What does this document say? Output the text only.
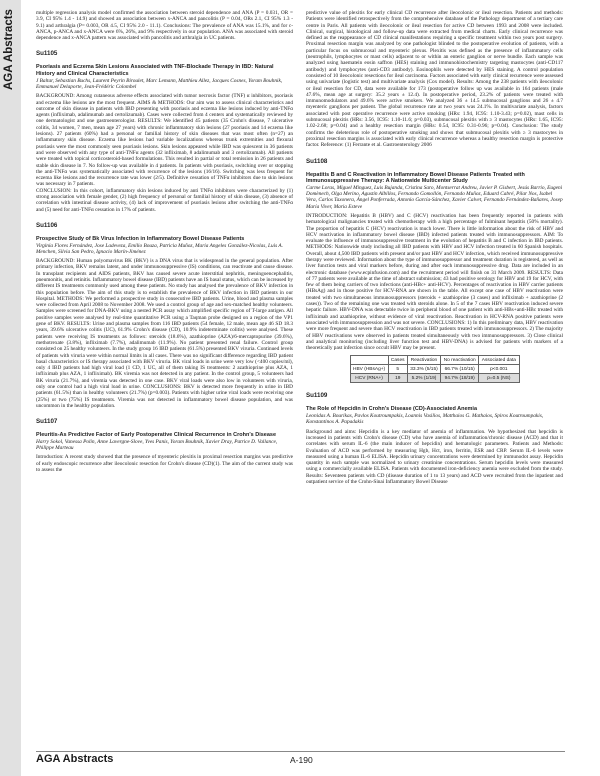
AGA Abstracts	multiple regression analysis model confirmed the association between steroid dependence and ANA (P = 0.031, OR = 3.9, CI 95% 1.4 - 14.9) and showed an association between x-ANCA and pancolitis (P = 0.04, ORs 2.1, CI 95% 1.3 - 9.1) and arthralgia (P= 0.003, OR 4.5, CI 95% 2.0 - 11.1). Conclusions: The prevalence of ANA was 15.1%, and for c-ANCA, p-ANCA and x-ANCA were 6%, 26%, and 9% respectively in our population. ANA was associated with steroid dependence and x-ANCA pattern was associated with pancolitis and arthralgia in UC patients.

Su1105
Psoriasis and Eczema Skin Lesions Associated with TNF-Blockade Therapy in IBD: Natural History and Clinical Characteristics
J Baltar, Sebastian Buchs, Laurent Peyrin Biroulet, Marc Lemann, Matthieu Allez, Jacques Cosnes, Yoram Bouhnik, Emmanuel Delaporte, Jean-Frédéric Colombel

BACKGROUND: Among cutaneous adverse effects associated with tumor necrosis factor (TNF) α inhibitors, psoriasis and eczema like lesions are the most frequent. AIMS & METHODS: Our aim was to assess clinical characteristics and outcome of skin disease in patients with IBD presenting with psoriasis and eczema like lesions induced by anti-TNFα agents (infliximab, adalimumab and certolizumab). Cases were collected from 4 centers and systematically reviewed by one dermatologist and one gastroenterologist. RESULTS: We identified 45 patients (35 Crohn's disease, 7 ulcerative colitis, 34 women, 7 men, mean age 27 years) with chronic inflammatory skin lesions (27 psoriasis and 14 eczema like lesions). 27 patients (60%) had a personal or familial history of skin diseases that was most often (n=27) an inflammatory skin disease. Eczema like lesions had variable localizations whereas trunk extremities and flexural psoriasis were the most commonly seen psoriasis lesions. Skin lesions appeared while IBD was quiescent in 36 patients and were observed with any type of anti-TNFα agents (32 infliximab, 8 adalimumab and 3 certolizumab). All patients were treated with topical corticosteroid-based formulations. This resulted in partial or total remission in 26 patients and stable skin disease in 7. No follow-up was available in 4 patients. In patients with psoriasis, switching over or stopping the anti-TNFα was systematically associated with recurrence of the lesions (16/16). Switching was less frequent for eczema like lesions and the recurrence rate was lower (2/5). Definitive cessation of TNFα inhibitors due to skin lesions was necessary in 7 patients.

CONCLUSION: In this cohort, inflammatory skin lesions induced by anti TNFα inhibitors were characterized by (1) strong association with female gender, (2) high frequency of personal or familial history of skin disease, (3) absence of correlation with intestinal disease activity, (4) lack of improvement of psoriasis lesions after switching the anti-TNFα and (5) need for anti-TNFα cessation in 17% of patients.

Su1106
Prospective Study of Bk Virus Infection in Inflammatory Bowel Disease Patients
Virginia Flores Fernández, Jose Ladeveza, Emilio Bouza, Patricia Muñoz, Maria Angeles González-Nicolas, Luis A. Menchen, Silvia San Pedro, Ignacio Marín-Jiménez

BACKGROUND: Human polyomavirus BK (BKV) is a DNA virus that is widespread in the general population. After primary infection, BKV remains latent, and under immunosuppressive (IS) conditions, can reactivate and cause disease. In transplant recipients and AIDS patients, BKV has caused severe acute interstitial nephritis, meningoencephalitis, pneumonitis, and retinitis. Inflammatory bowel disease (IBD) patients have an IS basal status, which can be increased by different IS treatments commonly used among these patients. No study has analysed the prevalence of BKV infection in this population before. The aim of this study is to establish the prevalence of BKV infection in IBD patients in our Hospital. METHODS: We performed a prospective study in consecutive IBD patients. Urine, blood and plasma samples were collected from April 2008 to November 2008. We used a control group of age and sex-matched healthy volunteers. Samples were screened for DNA-BKV using a nested PCR assay which amplified specific region of T-large antigen. All positive samples were analysed by real-time quantitative PCR using a Taqman probe designed on a region of the VP1 gene of BKV. RESULTS: Urine and plasma samples from 116 IBD patients (54 female, 12 male, mean age 46 SD 18.3 years, 39.6% ulcerative colitis (UC), 61.9% Crohn's disease (CD), 10.9% indeterminate colitis) were analysed. These patients were receiving IS treatments as follows: steroids (18.6%), azathioprine (AZA)/6-mercaptopurine (39.6%), methotrexate (3.8%), infliximab (7.7%), adalimumab (11.9%). No patient presented renal failure. Control group consisted on 25 healthy volunteers. In the study group 16 IBD patients (61.5%) presented BKV viruria. Continued levels of patients with viruria were within normal limits in all cases. There was no significant difference regarding IBD patient basal characteristics or IS therapy associated with BKV viruria. BK viral loads in urine were very low (<400 copies/ml), only 4 IBD patients had high viral load (1 CD, 1 UC, all of them taking IS treatments: 2 azathioprine plus AZA, 1 infliximab plus AZA, 1 infliximab). BK viremia was not detected in any patient. In the control group, 5 volunteers had BK viruria (21.7%), and viremia was detected in one case. BKV viral loads were also low in volunteers with viruria, only one control had a high viral load in urine. CONCLUSIONS: BKV is detected more frequently in urine in IBD patients (61.5%) than in healthy volunteers (21.7%) (p=0.003). Patients with higher urine viral loads were receiving one (25%) or two (75%) IS treatments. Viremia was not detected in inflammatory bowel disease population, and was uncommon in the healthy population.

Su1107
Pleuritis-As Predictive Factor of Early Postoperative Clinical Recurrence in Crohn's Disease
Harry Sokol, Vanessa Polin, Anne Lavergne-Slove, Yves Panis, Yoram Bouhnik, Xavier Dray, Patrice D. Vallance, Philippe Marteau

Introduction: A recent study showed that the presence of myenteric plexitis in proximal resection margins was predictive of early endoscopic recurrence after ileocolonic resection for Crohn's disease (CD)(1). The aim of the current study was to assess the

predictive value of plexitis for early clinical CD recurrence after ileocolonic or ileal resection. Patients and methods: Patients were identified retrospectively from the comprehensive database of the Pathology department of a tertiary care centre in Paris. All patients with ileocolonic or ileal resection for active CD between 1993 and 2008 were included. Clinical, surgical, histological and follow-up data were extracted from medical charts. Early clinical recurrence was defined as the reappearance of CD clinical manifestations requiring a specific treatment within two years post surgery. Proximal resection margin was analyzed by one pathologist blinded to the postoperative evolution of patients, with a particular focus on submucosal and myenteric plexus. Plexitis was defined as the presence of inflammatory cells (neutrophils, lymphocytes or mast cells) adjacent to or within an enteric ganglion or nerve bundle. Each sample was analyzed using haematein eosin saffron (HES) staining and immunohistochemistry targeting mastocytes (anti-CD117 antibody) and lymphocytes (anti-CD3 antibody). Eosinophils were detected by HES staining. A control population consisted of 10 ileocolonic resections for ileal carcinoma. Factors associated with early clinical recurrence were assessed using univariate (logistic test) and multivariate analysis (Cox model). Results: Among the 238 patients with ileocolonic or ileal resection for CD, data were available for 173 (postoperative follow up was available in 164 patients (male 47.6%, mean age at surgery: 35.2 years ± 12.4). In postoperative period, 23.2% of patients were treated with immunomodulators and 49.6% were active smokers. We analyzed 36 ± 14.5 submucosal ganglions and 26 ± 4.7 myenteric ganglions per patient. The global recurrence rate at two years was 24.1%. In multivariate analysis, factors associated with post operative recurrence were active smoking (HRs: 1.94, IC95: 1.10-3.43; p=0.02), mast cells in submucosal plexitis (HRs: 3.56, IC95: 1.10-11.6; p=0.03), submucosal plexitis with ≥ 3 mastocytes (HRs: 1.65, IC95: 1.02-2.68; p=0.04) and a healthy resection margin (HRs: 0.54, IC95: 0.31-0.96; p=0.04). Conclusion: The study confirms the deleterious role of postoperative smoking and shows that submucosal plexitis with ≥ 3 mastocytes in proximal resection margins is associated with early clinical recurrence whereas a healthy resection margin is protective factor. Reference: (1) Ferrante et al. Gastroenterology 2006

Su1108
Hepatitis B and C Reactivation in Inflammatory Bowel Disease Patients Treated with Immunosuppressive Therapy: A Nationwide Multicenter Study
Carme Loras, Miguel Minguez, Luis Bujanda, Cristina Saro, Montserrat Andreu, Javier P. Gisbert, Jesús Barrio, Eugeni Domènech, Olga Merino, Agustín Albillos, Fernando Gomollón, Fernando Muñoz, Eduard Cabré, Pilar Nos, Isabel Vera, Carlos Taxonera, Ángel Ponferrada, Antonio García-Sánchez, Xavier Calvet, Fernando Fernández-Bañares, Josep María Viver, Maria Esteve

INTRODUCTION: Hepatitis B (HBV) and C (HCV) reactivation has been frequently reported in patients with hematological malignancies treated with chemotherapy with a high percentage of fulminant hepatitis (50% mortality). The proportion of hepatitis C (HCV) reactivation is much lower. There is little information about the risk of HBV and HCV reactivation in inflammatory bowel disease (IBD) infected patients treated with immunosuppressors. AIM: To evaluate the influence of immunosuppressive treatment in the evolution of hepatitis B and C infection in IBD patients. METHODS: Nationwide study including all IBD patients with HBV and HCV infection treated in 60 Spanish hospitals. Overall, about 4,500 IBD patients with present and/or past HBV and HCV infection, which received immunosuppressive therapy were reviewed. Information about the type of immunosuppressor and treatment duration is registered, as well as liver function tests and viral markers before, during and after each immunosuppressive drug. Data are included in an electronic database (www.ecpinfusion.com) and the recruitment period will finish on 31 March 2009. RESULTS: Data of 77 patients were available at the time of abstract submission; 43 had positive serology for HBV and 19 for HCV, with few of them being carriers of two infections (anti-HBc+ anti-HCV). Percentages of reactivation in HBV carrier patients (HBsAg) and in those positive for HCV-RNA are shown in the table. All except one case of HBV reactivation were treated with two simultaneous immunosuppressors (steroids + azathioprine (3 cases) and infliximab + azathioprine (2 cases)). Two of the remaining one was treated with steroids alone. In 5 of the 7 cases HBV reactivation induced severe hepatic failure. HBV-DNA was detectable twice in peripheral blood of one patient with anti-HBs+anti-HBc treated with infliximab and azathioprine, without evidence of viral reactivation. Reactivation in HCV-RNA positive patients were associated with immunosuppression and was not severe. CONCLUSIONS: 1) In this preliminary data, HBV reactivation were more frequent and severe than HCV reactivation in IBD patients treated with immunosuppressors. 2) The majority of HBV reactivations were observed in patients treated simultaneously with two immunosuppressors. 3) Close clinical and analytical monitoring (including liver function test and HBV-DNA) is advised for patients with markers of a theoretically past infection since occult HBV may be present.

	Cases	Reactivation	No reactivation	Associated data
HBV (HBsAg+)	5	33.3% (5/15)	66.7% (10/15)	p<0.001
HCV (RNA+)	19	5.2% (1/19)	94.7% (18/19)	p=0.5 (NS)
Su1109
The Role of Hepcidin in Crohn's Disease (CD)-Associated Anemia
Leonidas A. Bourikas, Pavlos Koutroumpakis, Loannis Vasilios, Matthaios G. Mathaios, Spiros Koutroumpakis, Konstantinos A. Papadakis

Background and aims: Hepcidin is a key mediator of anemia of inflammation. We hypothesized that hepcidin is increased in patients with Crohn's disease (CD) who have anemia of inflammation/chronic disease (ACD) and that it correlates with serum IL-6 (the main inducer of hepcidin) and hematologic parameters. Patients and Methods: Evaluation of ACD was performed by measuring Hgb, Hct, iron, ferritin, ESR and CRP. Serum IL-6 levels were measured using a human IL-6 ELISA. Hepcidin urinary concentrations were determined by immunodot assay. Hepcidin quantity in each sample was normalized to urinary creatinine concentrations. Serum hepcidin levels were measured using a commercially available ELISA. Patients with documented iron-deficiency anemia were excluded from the study. Results: Seventeen patients with CD (disease duration of 1 to 13 years) and ACD were recruited from the inpatient and outpatient service of the Crohn-Sinai Inflammatory Bowel Disease

AGA Abstracts	A-190
